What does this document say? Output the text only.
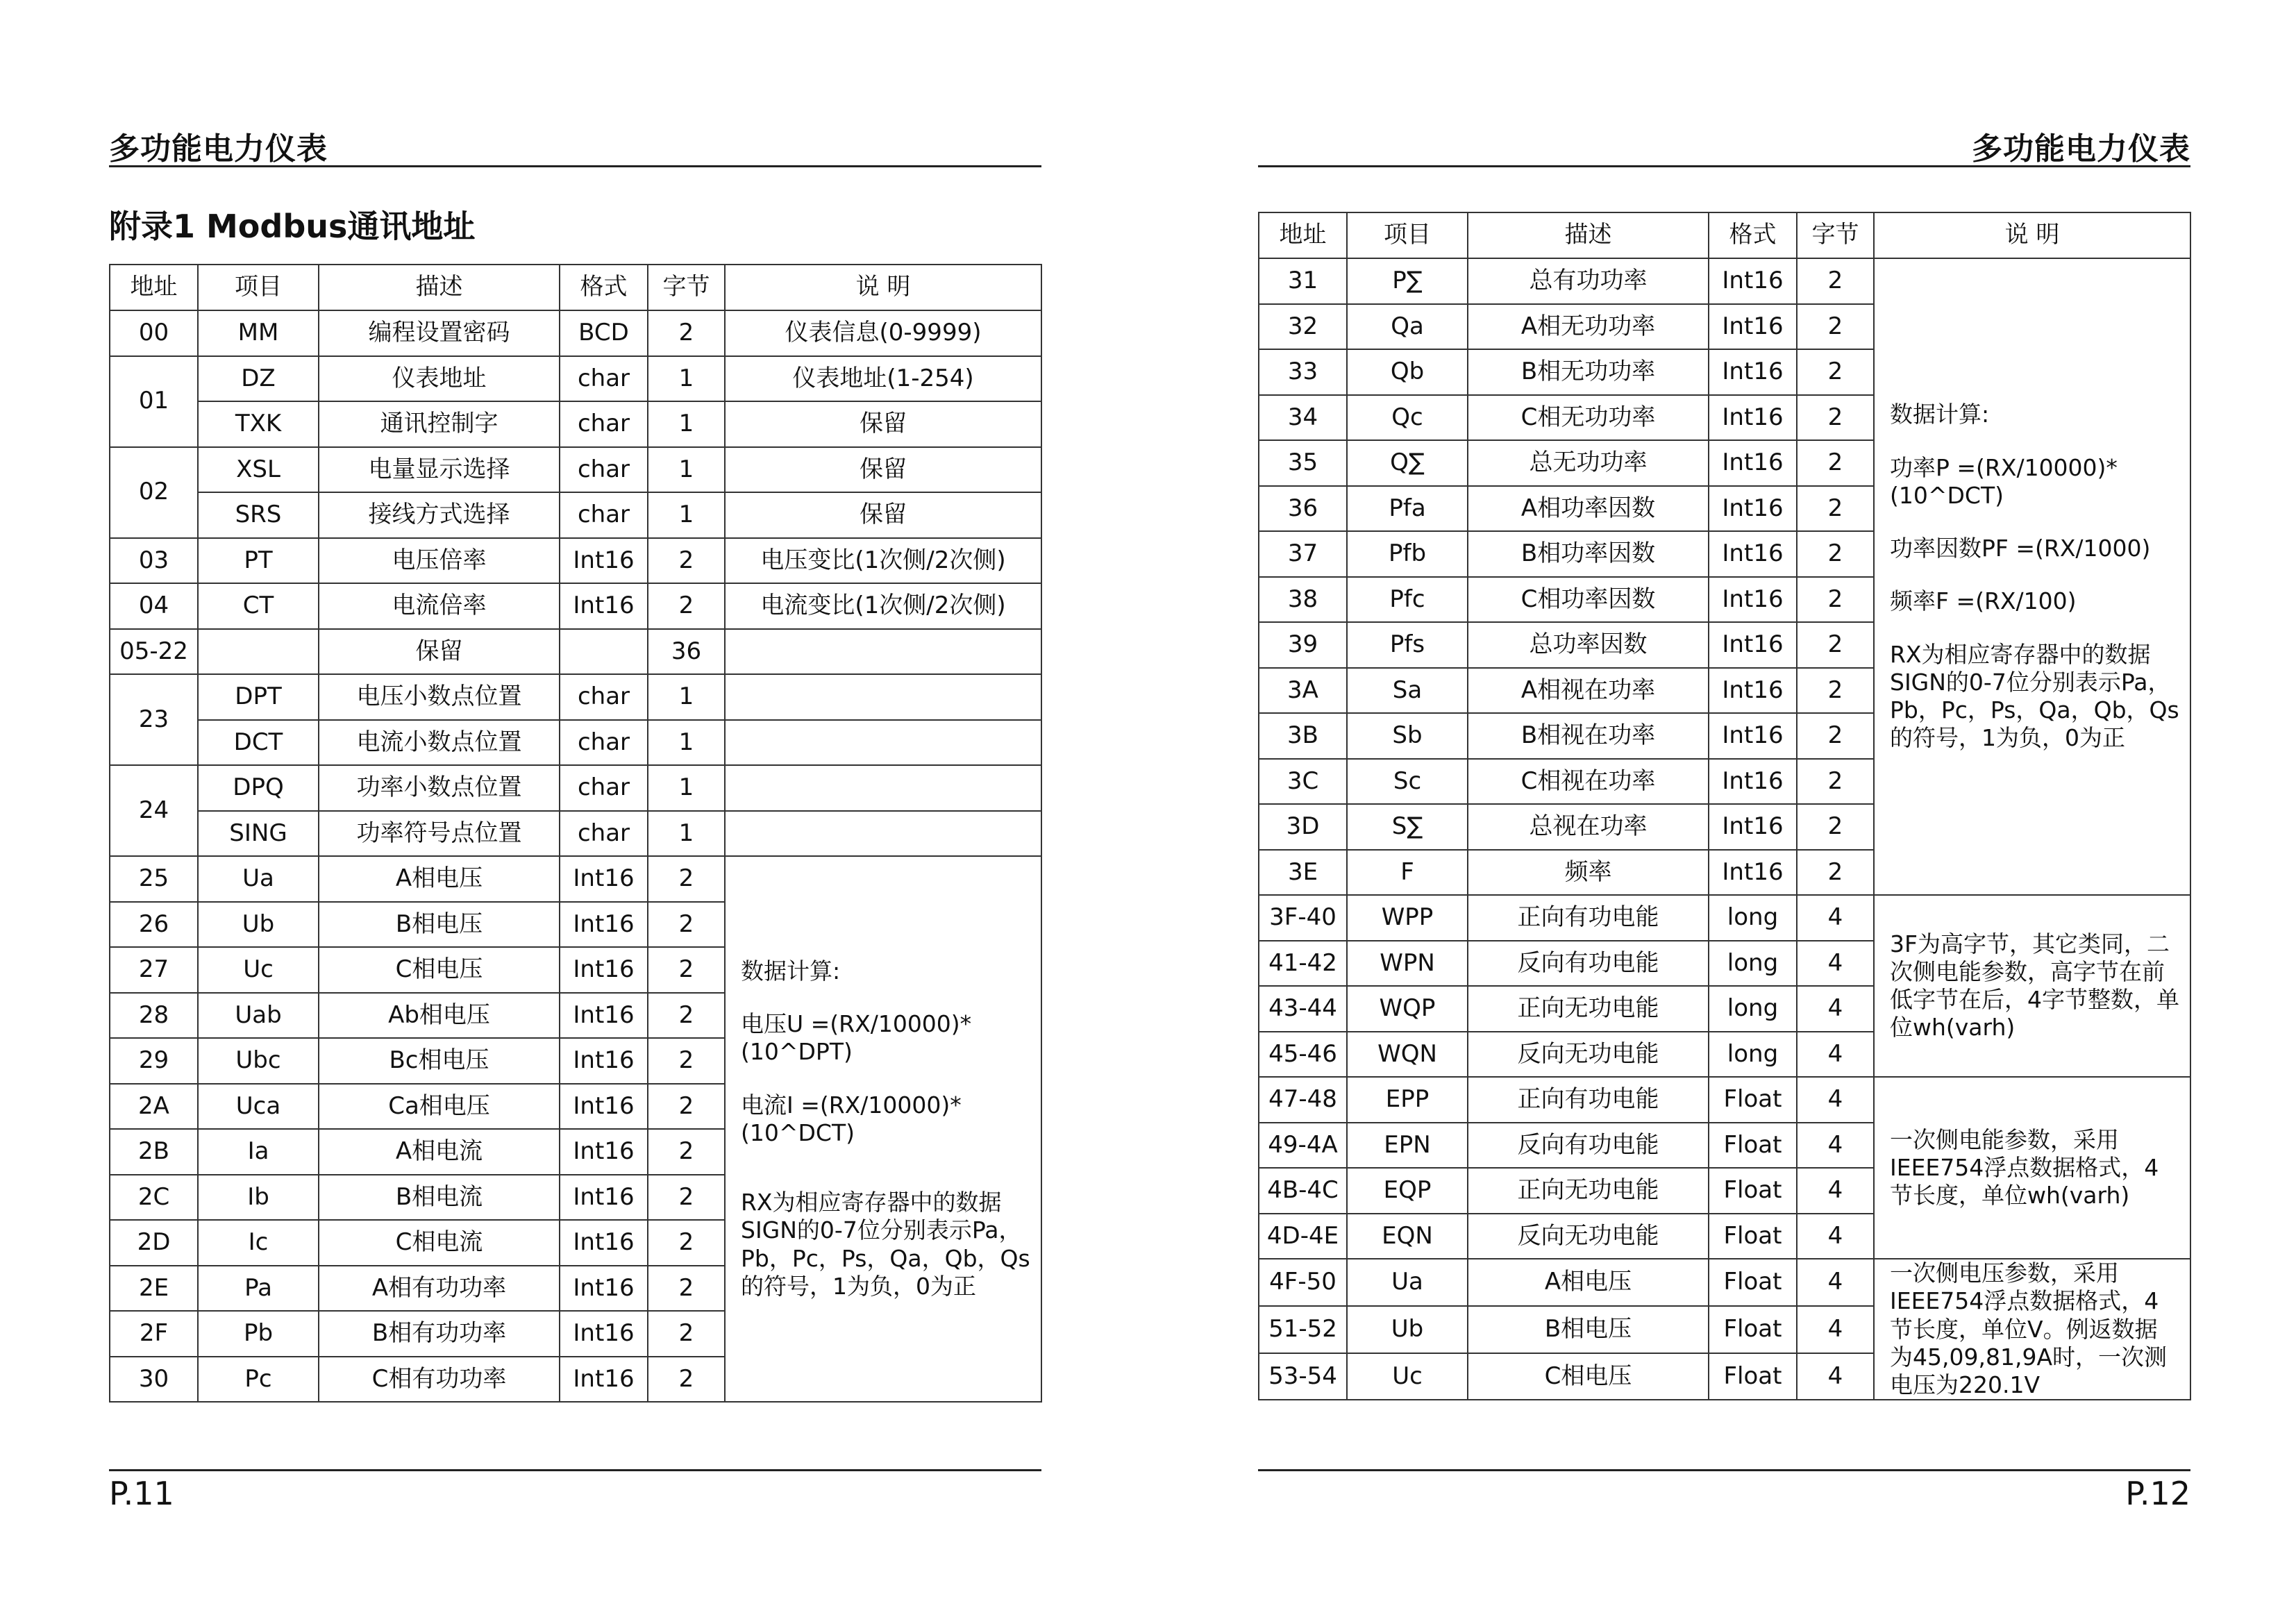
多功能电力仪表
附录1 Modbus通讯地址
地址	项目	描述	格式	字节	说 明
00	MM	编程设置密码	BCD	2	仪表信息(0-9999)
01	DZ	仪表地址	char	1	仪表地址(1-254)
	TXK	通讯控制字	char	1	保留
02	XSL	电量显示选择	char	1	保留
	SRS	接线方式选择	char	1	保留
03	PT	电压倍率	Int16	2	电压变比(1次侧/2次侧)
04	CT	电流倍率	Int16	2	电流变比(1次侧/2次侧)
05-22		保留		36	
23	DPT	电压小数点位置	char	1	
	DCT	电流小数点位置	char	1	
24	DPQ	功率小数点位置	char	1	
	SING	功率符号点位置	char	1	
25	Ua	A相电压	Int16	2	数据计算:

电压U =(RX/10000)*(10^DPT)

电流I =(RX/10000)*(10^DCT)

RX为相应寄存器中的数据SIGN的0-7位分别表示Pa，Pb，Pc，Ps，Qa，Qb，Qs的符号，1为负，0为正

26	Ub	B相电压	Int16	2	
27	Uc	C相电压	Int16	2	
28	Uab	Ab相电压	Int16	2	
29	Ubc	Bc相电压	Int16	2	
2A	Uca	Ca相电压	Int16	2	
2B	Ia	A相电流	Int16	2	
2C	Ib	B相电流	Int16	2	
2D	Ic	C相电流	Int16	2	
2E	Pa	A相有功功率	Int16	2	
2F	Pb	B相有功功率	Int16	2	
30	Pc	C相有功功率	Int16	2	
P.11
多功能电力仪表
地址	项目	描述	格式	字节	说 明
31	P∑	总有功功率	Int16	2	数据计算:

功率P =(RX/10000)*(10^DCT)

功率因数PF =(RX/1000)

频率F =(RX/100)

RX为相应寄存器中的数据SIGN的0-7位分别表示Pa，Pb，Pc，Ps，Qa，Qb，Qs的符号，1为负，0为正

32	Qa	A相无功功率	Int16	2	
33	Qb	B相无功功率	Int16	2	
34	Qc	C相无功功率	Int16	2	
35	Q∑	总无功功率	Int16	2	
36	Pfa	A相功率因数	Int16	2	
37	Pfb	B相功率因数	Int16	2	
38	Pfc	C相功率因数	Int16	2	
39	Pfs	总功率因数	Int16	2	
3A	Sa	A相视在功率	Int16	2	
3B	Sb	B相视在功率	Int16	2	
3C	Sc	C相视在功率	Int16	2	
3D	S∑	总视在功率	Int16	2	
3E	F	频率	Int16	2	
3F-40	WPP	正向有功电能	long	4	3F为高字节，其它类同，二次侧电能参数，高字节在前低字节在后，4字节整数，单位wh(varh)
41-42	WPN	反向有功电能	long	4	
43-44	WQP	正向无功电能	long	4	
45-46	WQN	反向无功电能	long	4	
47-48	EPP	正向有功电能	Float	4	一次侧电能参数，采用IEEE754浮点数据格式，4节长度，单位wh(varh)
49-4A	EPN	反向有功电能	Float	4	
4B-4C	EQP	正向无功电能	Float	4	
4D-4E	EQN	反向无功电能	Float	4	
4F-50	Ua	A相电压	Float	4	一次侧电压参数，采用IEEE754浮点数据格式，4节长度，单位V。例返数据为45,09,81,9A时，一次测电压为220.1V
51-52	Ub	B相电压	Float	4	
53-54	Uc	C相电压	Float	4	
P.12
